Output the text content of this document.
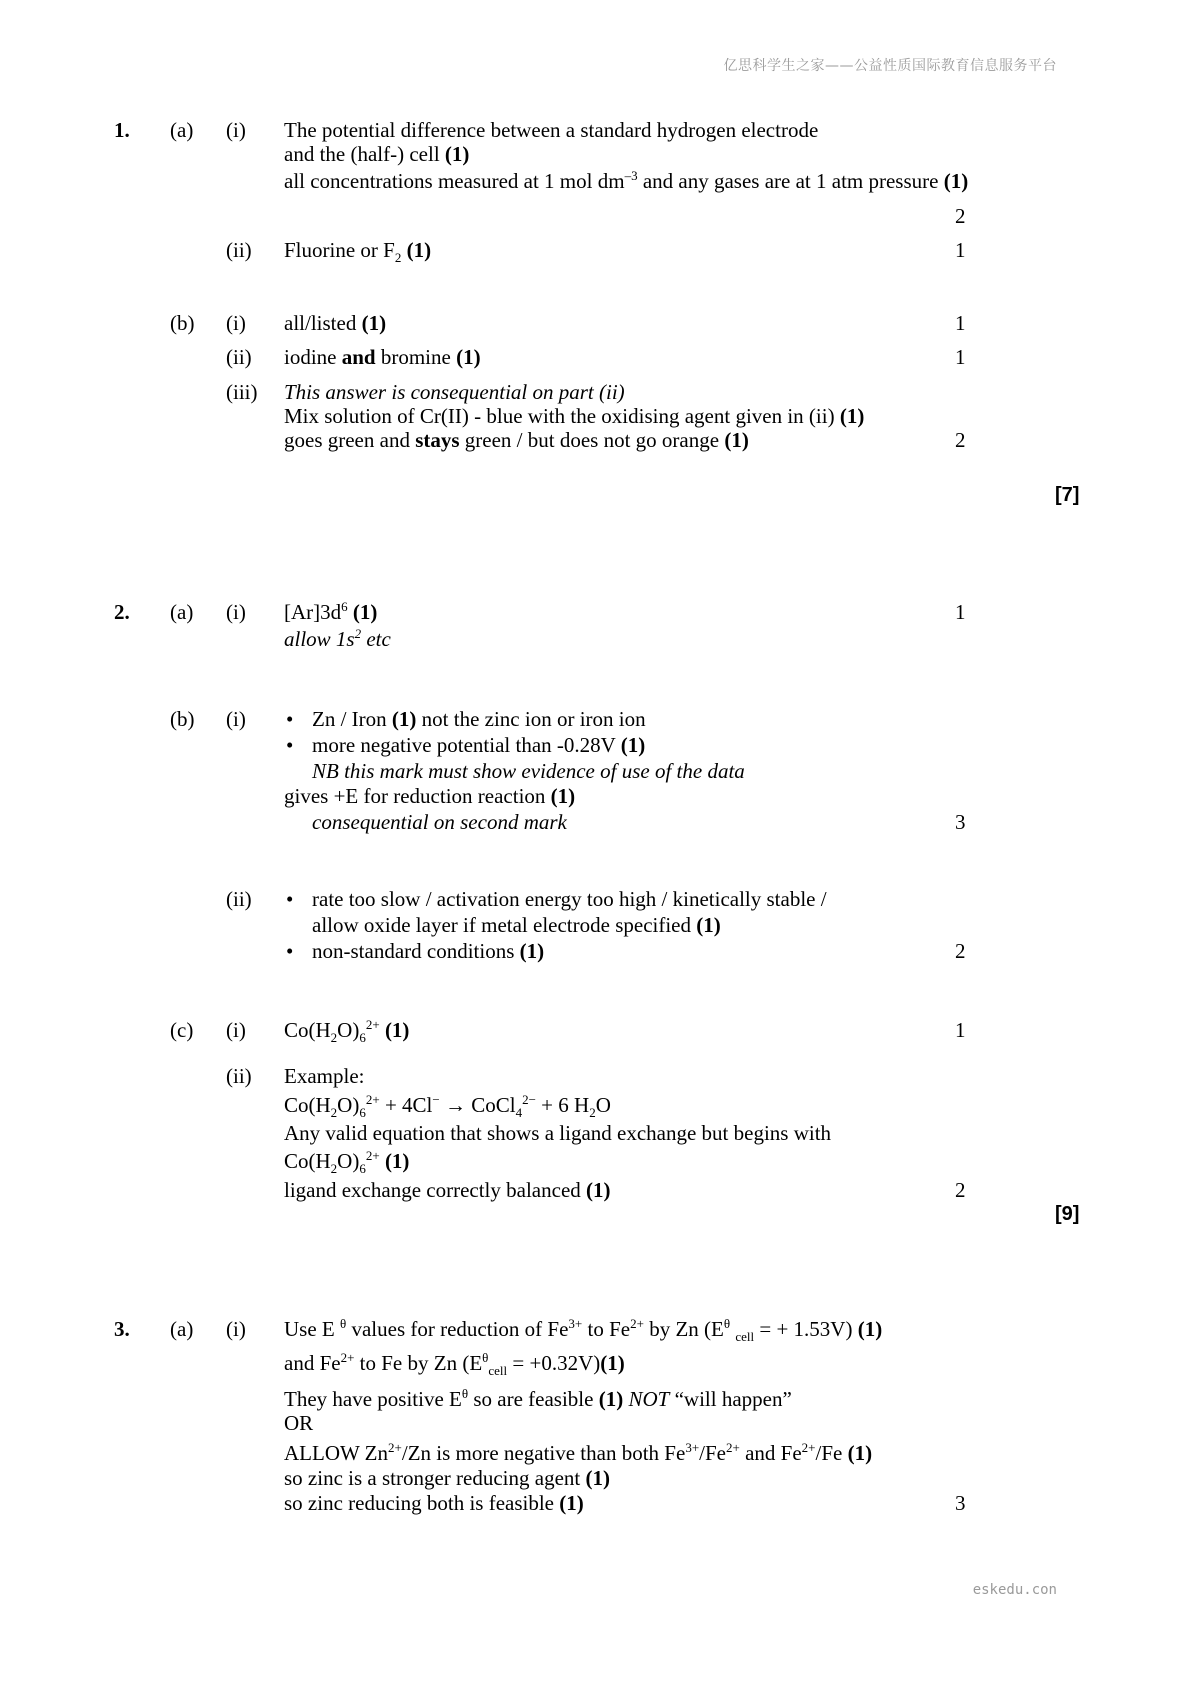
亿思科学生之家——公益性质国际教育信息服务平台
1. (a) (i) The potential difference between a standard hydrogen electrode
and the (half-) cell (1)
all concentrations measured at 1 mol $dm^{-3}$ and any gases are at 1 atm pressure (1)
2
(ii) Fluorine or $F_2$ (1)	1
(b) (i) all/listed (1)	1
(ii) iodine and bromine (1)	1
(iii) This answer is consequential on part (ii)
Mix solution of Cr(II) - blue with the oxidising agent given in (ii) (1)
goes green and stays green / but does not go orange (1)	2
[7]
2. (a) (i) $[Ar]3d^6$ (1)	1
allow $1s^2$ etc
(b) (i) • Zn / Iron (1) not the zinc ion or iron ion
• more negative potential than -0.28V (1)
NB this mark must show evidence of use of the data
gives +E for reduction reaction (1)
consequential on second mark	3
(ii) • rate too slow / activation energy too high / kinetically stable /
allow oxide layer if metal electrode specified (1)
• non-standard conditions (1)	2
(c) (i) $Co(H_2O)_6^{2+}$ (1)	1
(ii) Example:
$Co(H_2O)_6^{2+} + 4Cl^-$ → CoCl$_4^{2-}$ + 6 $H_2O$
Any valid equation that shows a ligand exchange but begins with
$Co(H_2O)_6^{2+}$ (1)
ligand exchange correctly balanced (1)	2
[9]
3. (a) (i) Use E $^\theta$ values for reduction of $Fe^{3+}$ to $Fe^{2+}$ by Zn ($E^\theta$ $_{cell}$ = + 1.53V) (1)
and $Fe^{2+}$ to Fe by Zn $(E^\theta_{cell} = +0.32V)(1)$
They have positive $E^\theta$ so are feasible (1) NOT “will happen”
OR
ALLOW $Zn^{2+}/Zn$ is more negative than both $Fe^{3+}/Fe^{2+}$ and $Fe^{2+}/Fe$ (1)
so zinc is a stronger reducing agent (1)
so zinc reducing both is feasible (1)	3
eskedu.con
